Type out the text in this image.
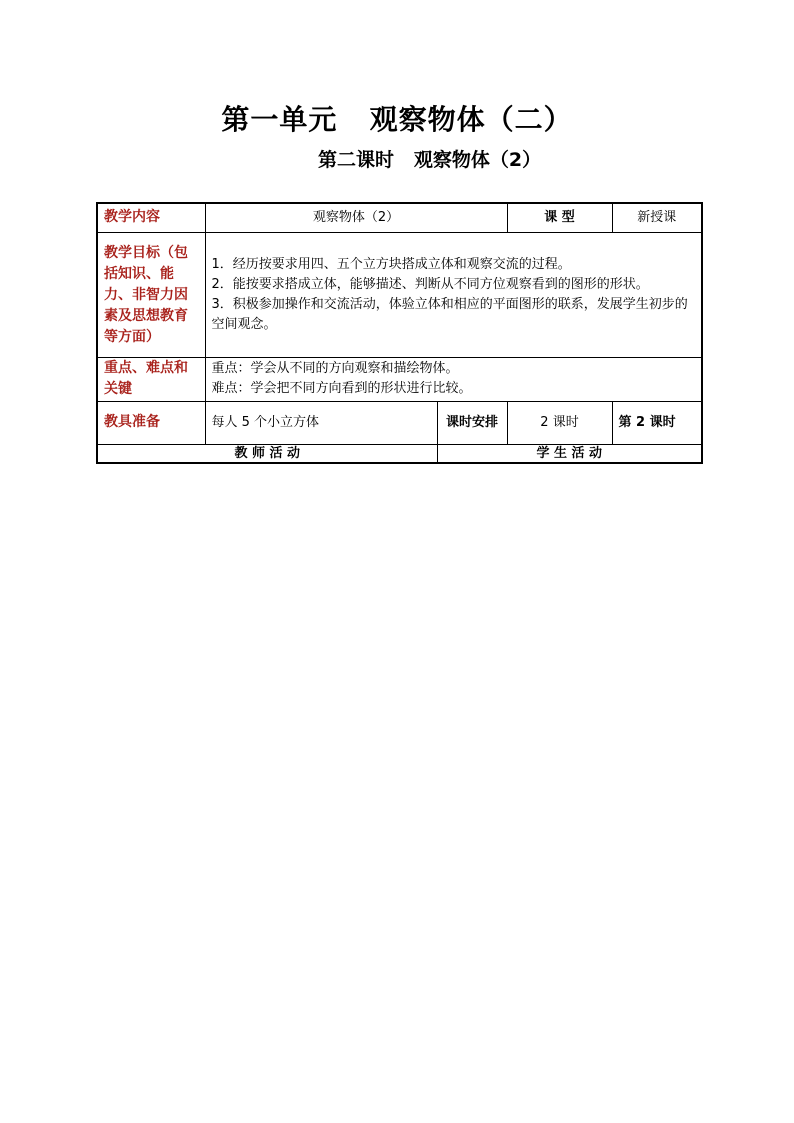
第一单元   观察物体（二）
第二课时   观察物体（2）
教学内容	观察物体（2）		课 型	新授课
教学目标（包括知识、能力、非智力因素及思想教育等方面）	1．经历按要求用四、五个立方块搭成立体和观察交流的过程。
2．能按要求搭成立体，能够描述、判断从不同方位观察看到的图形的形状。
3．积极参加操作和交流活动，体验立体和相应的平面图形的联系，发展学生初步的空间观念。			

重点、难点和关键	重点：学会从不同的方向观察和描绘物体。
难点：学会把不同方向看到的形状进行比较。			

教具准备	每人 5 个小立方体	课时安排	2 课时	第 2 课时
教 师 活 动		学 生 活 动		
